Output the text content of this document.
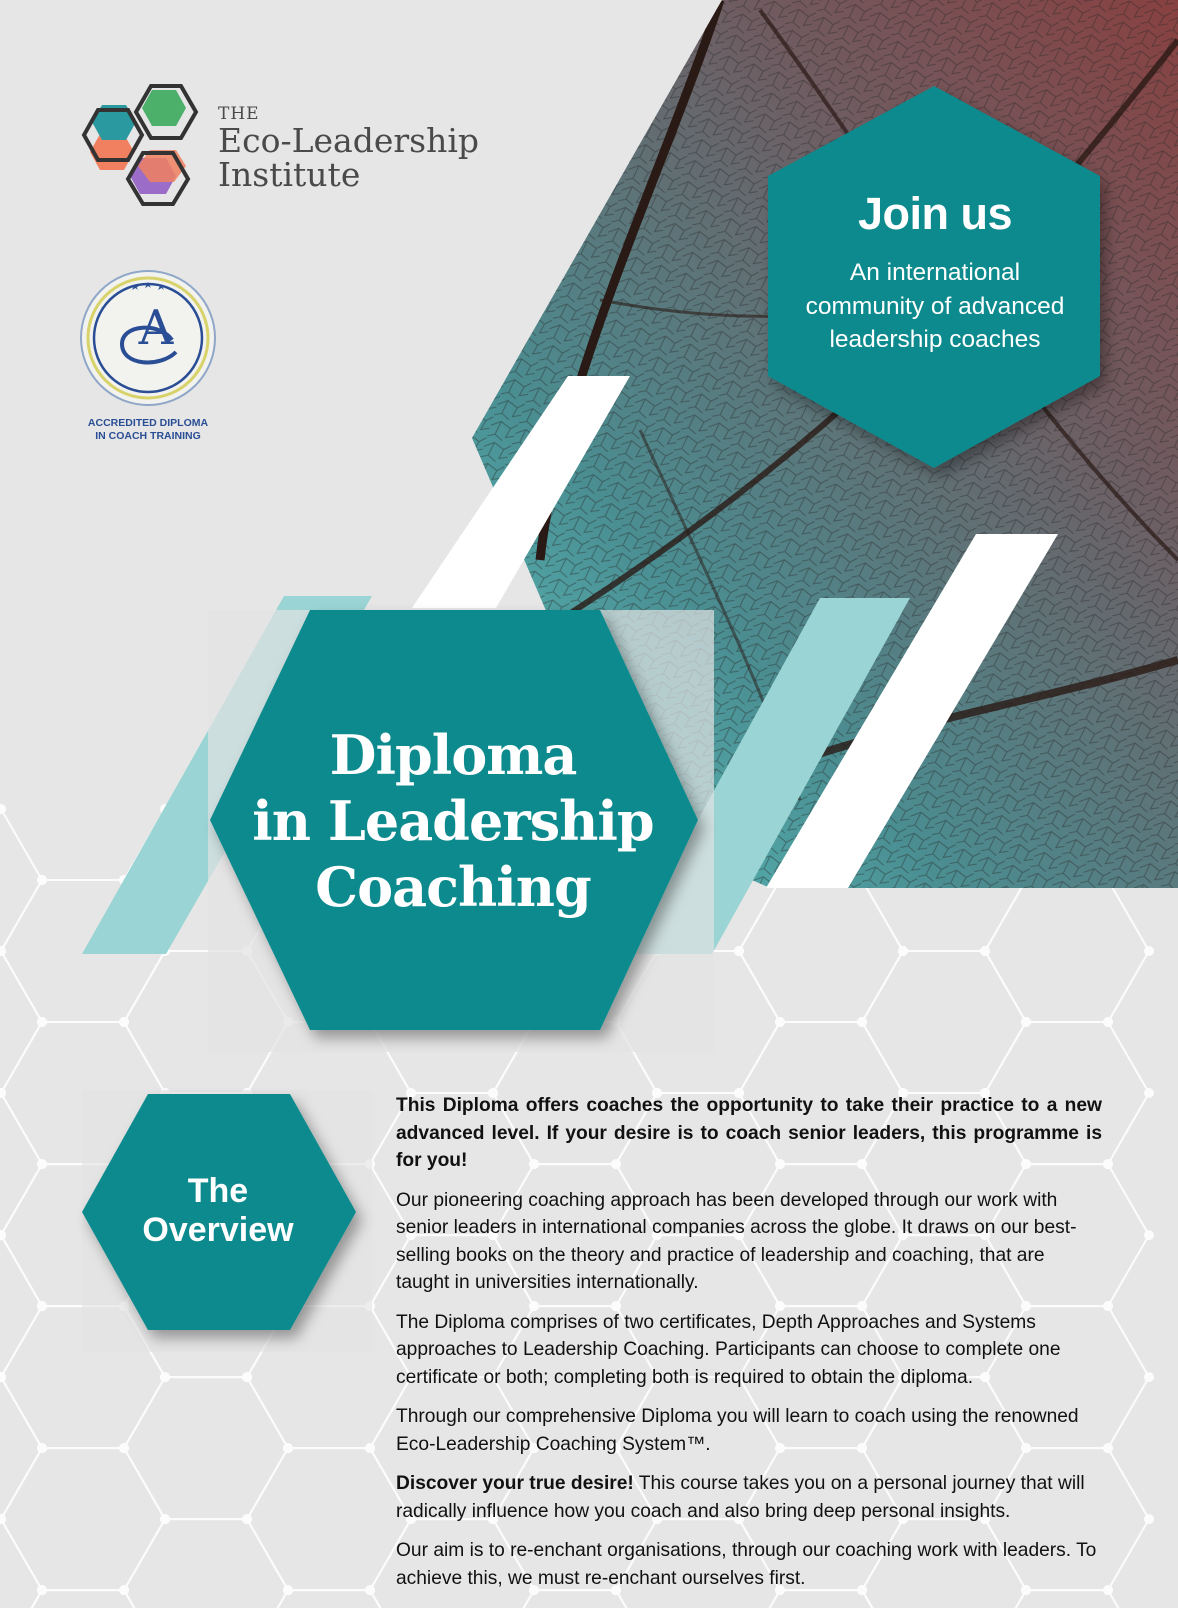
A
THE
Eco-Leadership
Institute
ACCREDITED DIPLOMA
IN COACH TRAINING
Join us
An international
community of advanced
leadership coaches
Diploma
in Leadership
Coaching
The
Overview

This Diploma offers coaches the opportunity to take their practice to a new advanced level. If your desire is to coach senior leaders, this programme is for you!

Our pioneering coaching approach has been developed through our work with senior leaders in international companies across the globe. It draws on our best-selling books on the theory and practice of leadership and coaching, that are taught in universities internationally.

The Diploma comprises of two certificates, Depth Approaches and Systems approaches to Leadership Coaching. Participants can choose to complete one certificate or both; completing both is required to obtain the diploma.

Through our comprehensive Diploma you will learn to coach using the renowned Eco-Leadership Coaching System™.

Discover your true desire! This course takes you on a personal journey that will radically influence how you coach and also bring deep personal insights.

Our aim is to re-enchant organisations, through our coaching work with leaders. To achieve this, we must re-enchant ourselves first.
